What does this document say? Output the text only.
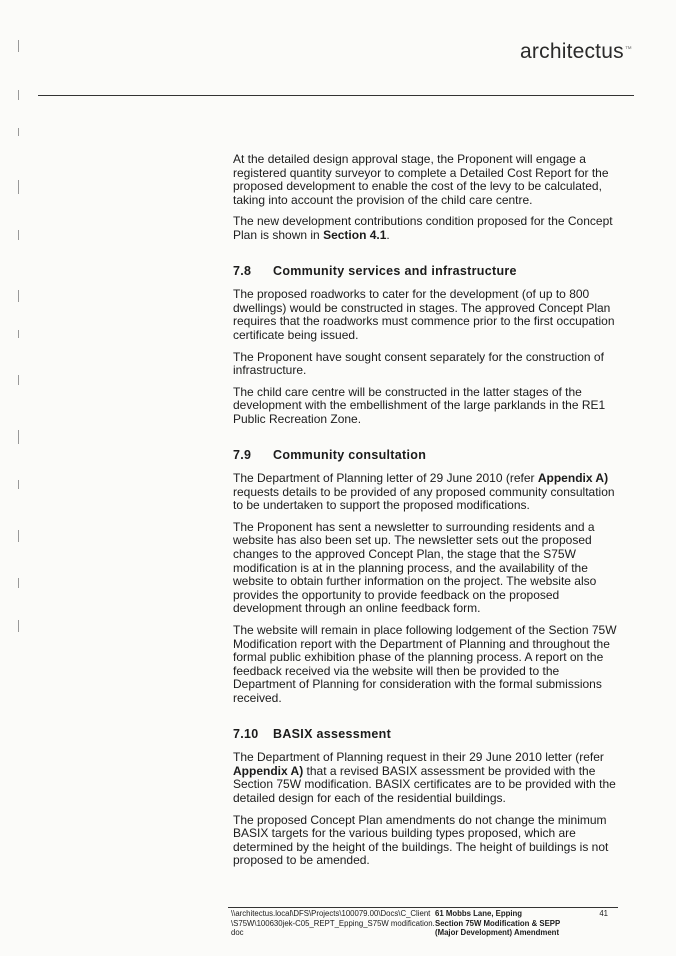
architectus™

At the detailed design approval stage, the Proponent will engage a registered quantity surveyor to complete a Detailed Cost Report for the proposed development to enable the cost of the levy to be calculated, taking into account the provision of the child care centre.

The new development contributions condition proposed for the Concept Plan is shown in Section 4.1.

7.8	Community services and infrastructure

The proposed roadworks to cater for the development (of up to 800 dwellings) would be constructed in stages. The approved Concept Plan requires that the roadworks must commence prior to the first occupation certificate being issued.

The Proponent have sought consent separately for the construction of infrastructure.

The child care centre will be constructed in the latter stages of the development with the embellishment of the large parklands in the RE1 Public Recreation Zone.

7.9	Community consultation

The Department of Planning letter of 29 June 2010 (refer Appendix A) requests details to be provided of any proposed community consultation to be undertaken to support the proposed modifications.

The Proponent has sent a newsletter to surrounding residents and a website has also been set up. The newsletter sets out the proposed changes to the approved Concept Plan, the stage that the S75W modification is at in the planning process, and the availability of the website to obtain further information on the project. The website also provides the opportunity to provide feedback on the proposed development through an online feedback form.

The website will remain in place following lodgement of the Section 75W Modification report with the Department of Planning and throughout the formal public exhibition phase of the planning process. A report on the feedback received via the website will then be provided to the Department of Planning for consideration with the formal submissions received.

7.10	BASIX assessment

The Department of Planning request in their 29 June 2010 letter (refer Appendix A) that a revised BASIX assessment be provided with the Section 75W modification. BASIX certificates are to be provided with the detailed design for each of the residential buildings.

The proposed Concept Plan amendments do not change the minimum BASIX targets for the various building types proposed, which are determined by the height of the buildings. The height of buildings is not proposed to be amended.

\\architectus.local\DFS\Projects\100079.00\Docs\C_Client\S75W\100630jek-C05_REPT_Epping_S75W modification.doc
61 Mobbs Lane, Epping
Section 75W Modification & SEPP
(Major Development) Amendment
41
